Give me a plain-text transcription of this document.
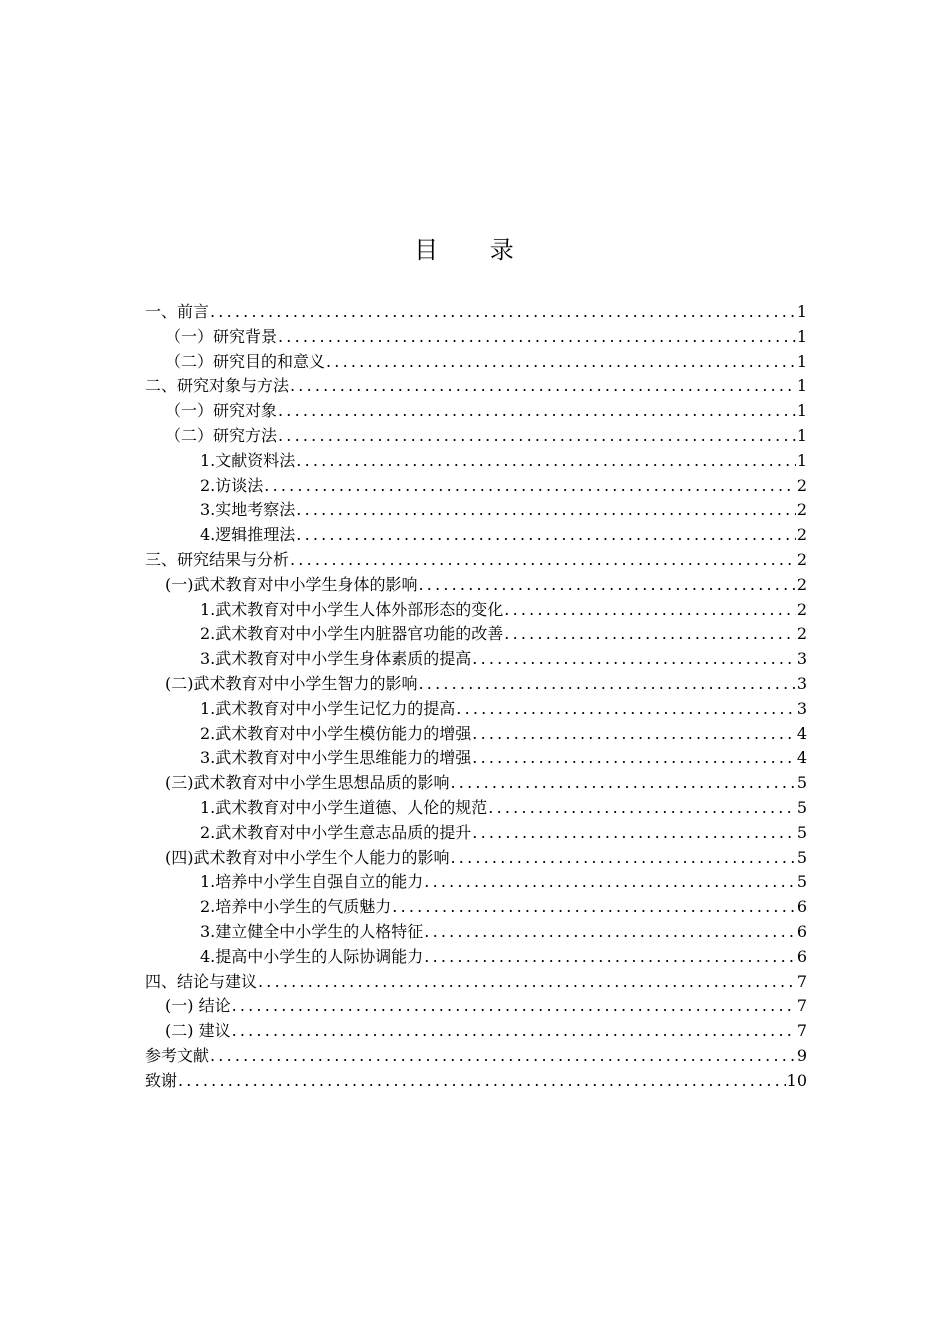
目 录
一、前言 .....	1
（一）研究背景 .....	1
（二）研究目的和意义 .....	1
二、研究对象与方法 .....	1
（一）研究对象 .....	1
（二）研究方法 .....	1
1.文献资料法 .....	1
2.访谈法 .....	2
3.实地考察法 .....	2
4.逻辑推理法 .....	2
三、研究结果与分析 .....	2
(一)武术教育对中小学生身体的影响 .....	2
1.武术教育对中小学生人体外部形态的变化 .....	2
2.武术教育对中小学生内脏器官功能的改善 .....	2
3.武术教育对中小学生身体素质的提高 .....	3
(二)武术教育对中小学生智力的影响 .....	3
1.武术教育对中小学生记忆力的提高 .....	3
2.武术教育对中小学生模仿能力的增强 .....	4
3.武术教育对中小学生思维能力的增强 .....	4
(三)武术教育对中小学生思想品质的影响 .....	5
1.武术教育对中小学生道德、人伦的规范 .....	5
2.武术教育对中小学生意志品质的提升 .....	5
(四)武术教育对中小学生个人能力的影响 .....	5
1.培养中小学生自强自立的能力 .....	5
2.培养中小学生的气质魅力 .....	6
3.建立健全中小学生的人格特征 .....	6
4.提高中小学生的人际协调能力 .....	6
四、结论与建议 .....	7
(一) 结论 .....	7
(二) 建议 .....	7
参考文献 .....	9
致谢 .....	10
